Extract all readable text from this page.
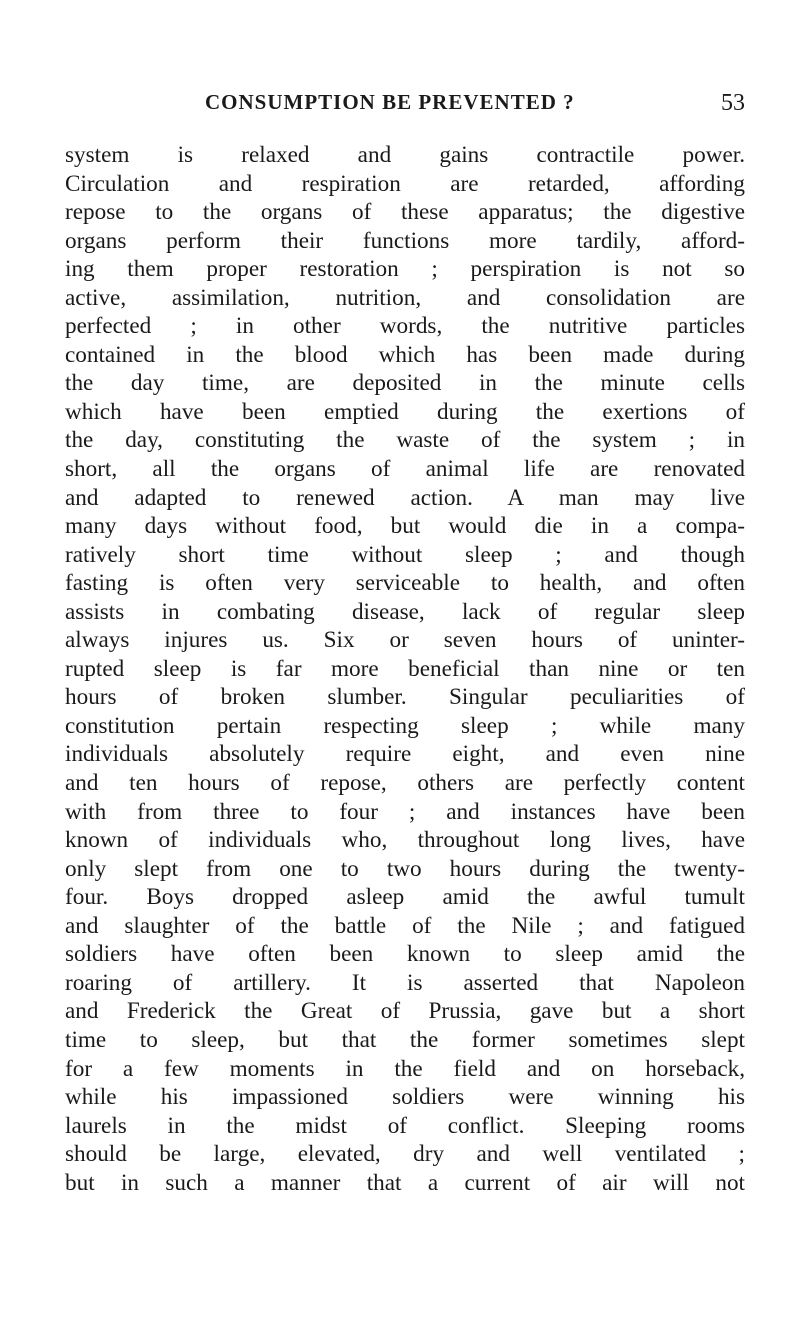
CONSUMPTION BE PREVENTED ?	53
system is relaxed and gains contractile power.
Circulation and respiration are retarded, affording
repose to the organs of these apparatus; the digestive
organs perform their functions more tardily, afford-
ing them proper restoration ; perspiration is not so
active, assimilation, nutrition, and consolidation are
perfected ; in other words, the nutritive particles
contained in the blood which has been made during
the day time, are deposited in the minute cells
which have been emptied during the exertions of
the day, constituting the waste of the system ; in
short, all the organs of animal life are renovated
and adapted to renewed action. A man may live
many days without food, but would die in a compa-
ratively short time without sleep ; and though
fasting is often very serviceable to health, and often
assists in combating disease, lack of regular sleep
always injures us. Six or seven hours of uninter-
rupted sleep is far more beneficial than nine or ten
hours of broken slumber. Singular peculiarities of
constitution pertain respecting sleep ; while many
individuals absolutely require eight, and even nine
and ten hours of repose, others are perfectly content
with from three to four ; and instances have been
known of individuals who, throughout long lives, have
only slept from one to two hours during the twenty-
four. Boys dropped asleep amid the awful tumult
and slaughter of the battle of the Nile ; and fatigued
soldiers have often been known to sleep amid the
roaring of artillery. It is asserted that Napoleon
and Frederick the Great of Prussia, gave but a short
time to sleep, but that the former sometimes slept
for a few moments in the field and on horseback,
while his impassioned soldiers were winning his
laurels in the midst of conflict. Sleeping rooms
should be large, elevated, dry and well ventilated ;
but in such a manner that a current of air will not
